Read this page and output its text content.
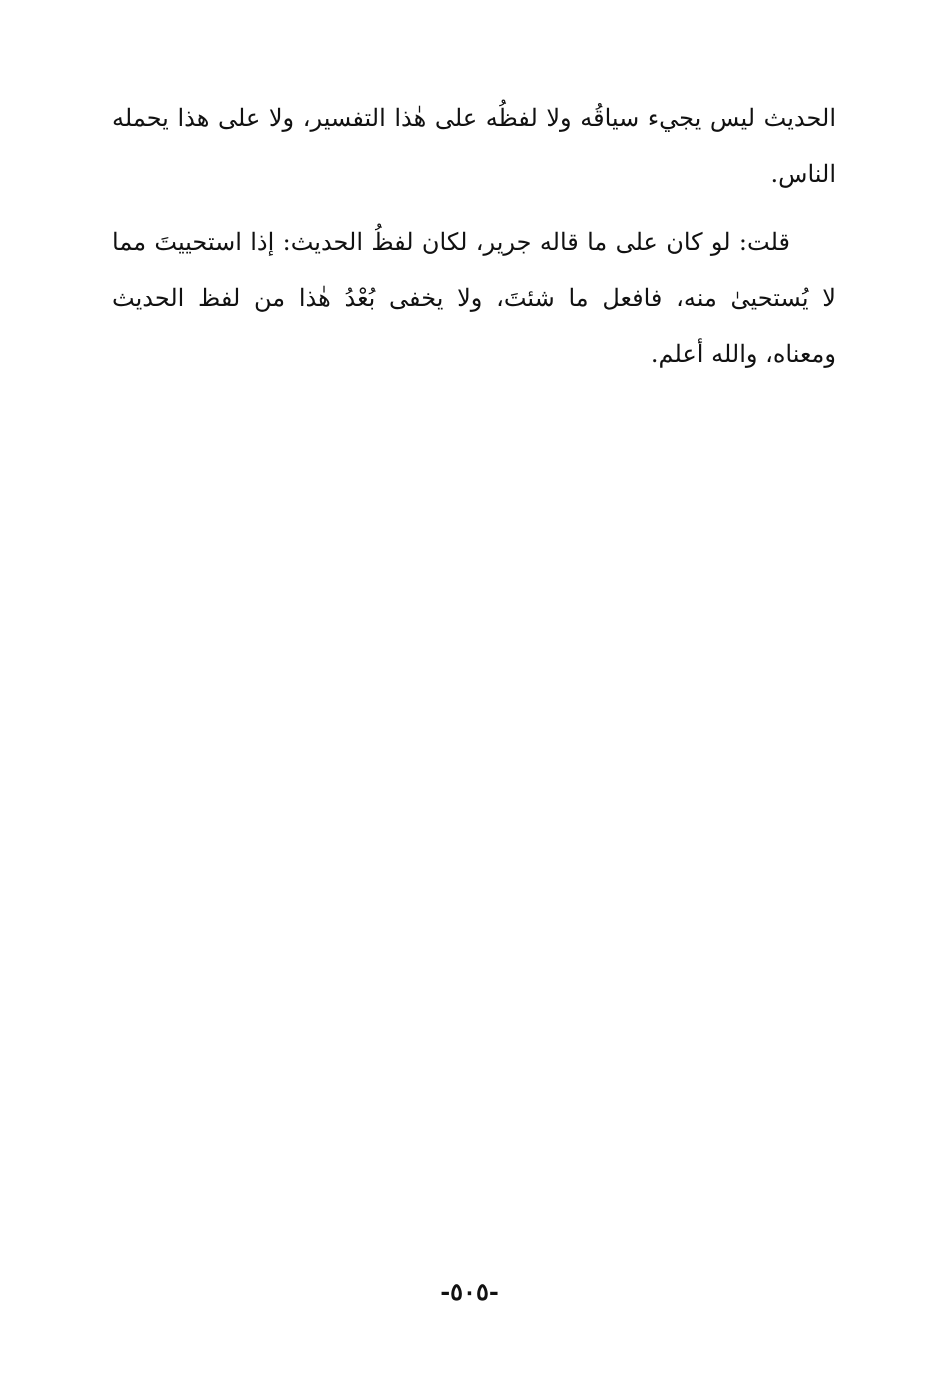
الحديث ليس يجيء سياقُه ولا لفظُه على هٰذا التفسير، ولا على هذا يحمله الناس.

قلت: لو كان على ما قاله جرير، لكان لفظُ الحديث: إذا استحييتَ مما لا يُستحيىٰ منه، فافعل ما شئتَ، ولا يخفى بُعْدُ هٰذا من لفظ الحديث ومعناه، والله أعلم.

-٥٠٥-
